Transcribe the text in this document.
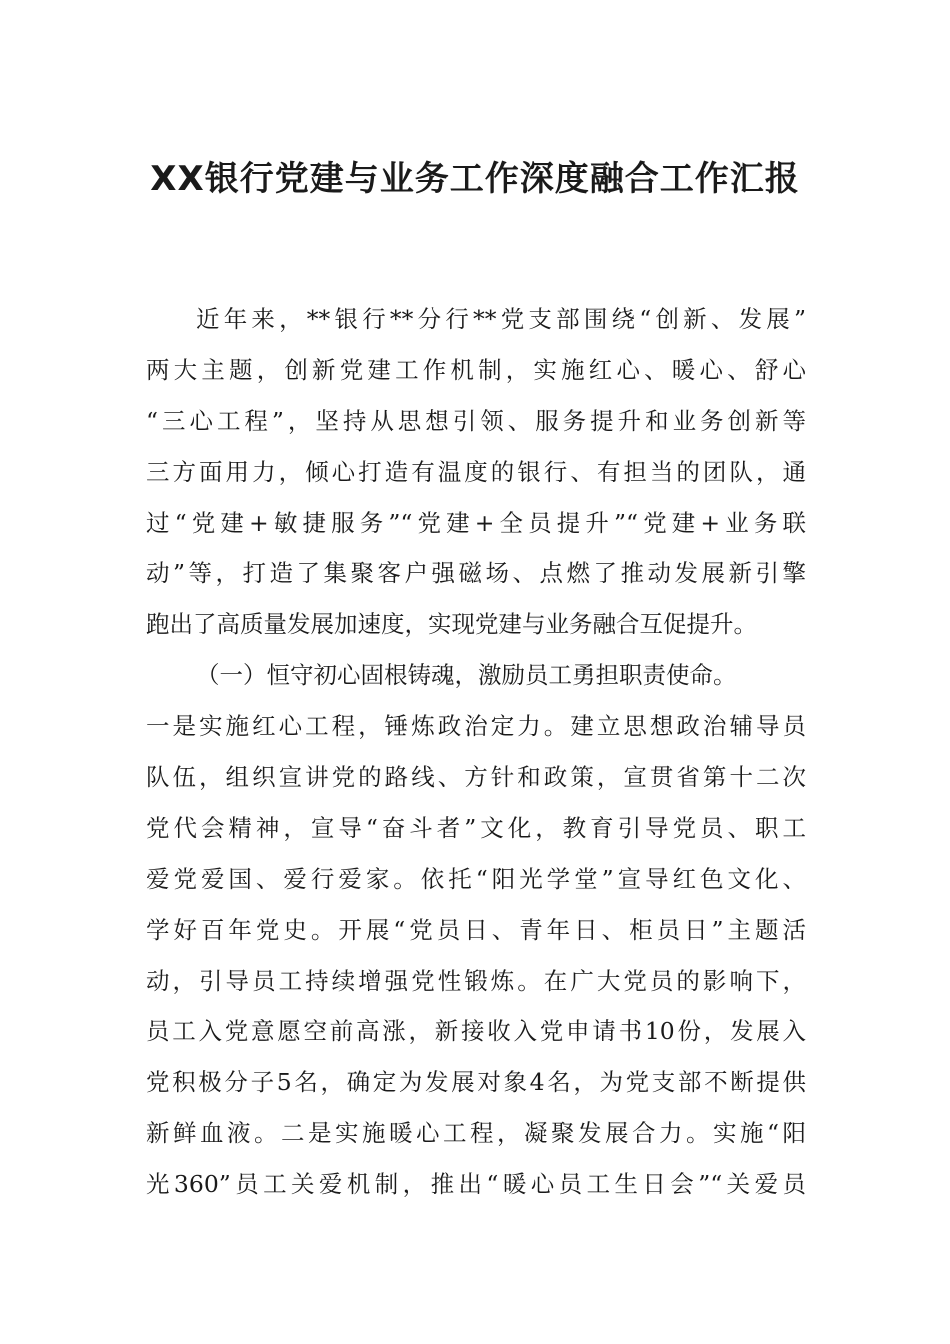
XX银行党建与业务工作深度融合工作汇报
近年来，**银行**分行**党支部围绕“创新、发展”
两大主题，创新党建工作机制，实施红心、暖心、舒心
“三心工程”，坚持从思想引领、服务提升和业务创新等
三方面用力，倾心打造有温度的银行、有担当的团队，通
过“党建+敏捷服务”“党建+全员提升”“党建+业务联
动”等，打造了集聚客户强磁场、点燃了推动发展新引擎
跑出了高质量发展加速度，实现党建与业务融合互促提升。
（一）恒守初心固根铸魂，激励员工勇担职责使命。
一是实施红心工程，锤炼政治定力。建立思想政治辅导员
队伍，组织宣讲党的路线、方针和政策，宣贯省第十二次
党代会精神，宣导“奋斗者”文化，教育引导党员、职工
爱党爱国、爱行爱家。依托“阳光学堂”宣导红色文化、
学好百年党史。开展“党员日、青年日、柜员日”主题活
动，引导员工持续增强党性锻炼。在广大党员的影响下，
员工入党意愿空前高涨，新接收入党申请书10份，发展入
党积极分子5名，确定为发展对象4名，为党支部不断提供
新鲜血液。二是实施暖心工程，凝聚发展合力。实施“阳
光360”员工关爱机制，推出“暖心员工生日会”“关爱员
